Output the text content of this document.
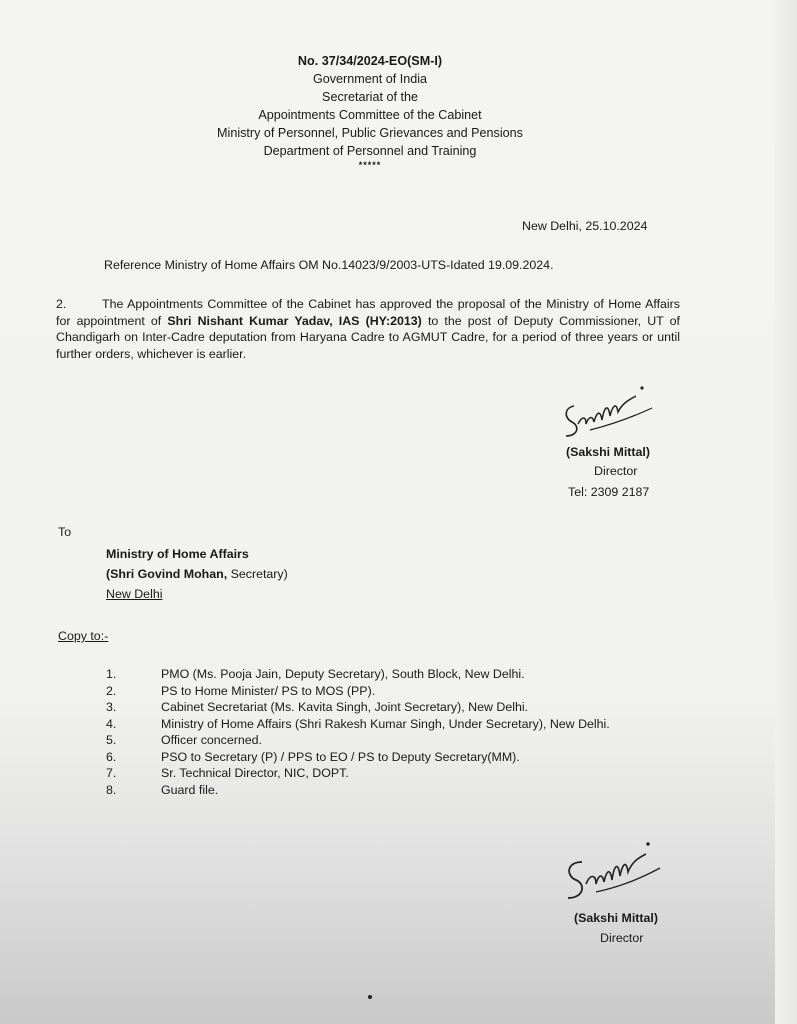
No. 37/34/2024-EO(SM-I)
Government of India
Secretariat of the
Appointments Committee of the Cabinet
Ministry of Personnel, Public Grievances and Pensions
Department of Personnel and Training
*****
New Delhi, 25.10.2024
Reference Ministry of Home Affairs OM No.14023/9/2003-UTS-Idated 19.09.2024.
2.	The Appointments Committee of the Cabinet has approved the proposal of the Ministry of Home Affairs for appointment of Shri Nishant Kumar Yadav, IAS (HY:2013) to the post of Deputy Commissioner, UT of Chandigarh on Inter-Cadre deputation from Haryana Cadre to AGMUT Cadre, for a period of three years or until further orders, whichever is earlier.
(Sakshi Mittal)
Director
Tel: 2309 2187
To
Ministry of Home Affairs
(Shri Govind Mohan, Secretary)
New Delhi
Copy to:-
1.	PMO (Ms. Pooja Jain, Deputy Secretary), South Block, New Delhi.
2.	PS to Home Minister/ PS to MOS (PP).
3.	Cabinet Secretariat (Ms. Kavita Singh, Joint Secretary), New Delhi.
4.	Ministry of Home Affairs (Shri Rakesh Kumar Singh, Under Secretary), New Delhi.
5.	Officer concerned.
6.	PSO to Secretary (P) / PPS to EO / PS to Deputy Secretary(MM).
7.	Sr. Technical Director, NIC, DOPT.
8.	Guard file.
(Sakshi Mittal)
Director
